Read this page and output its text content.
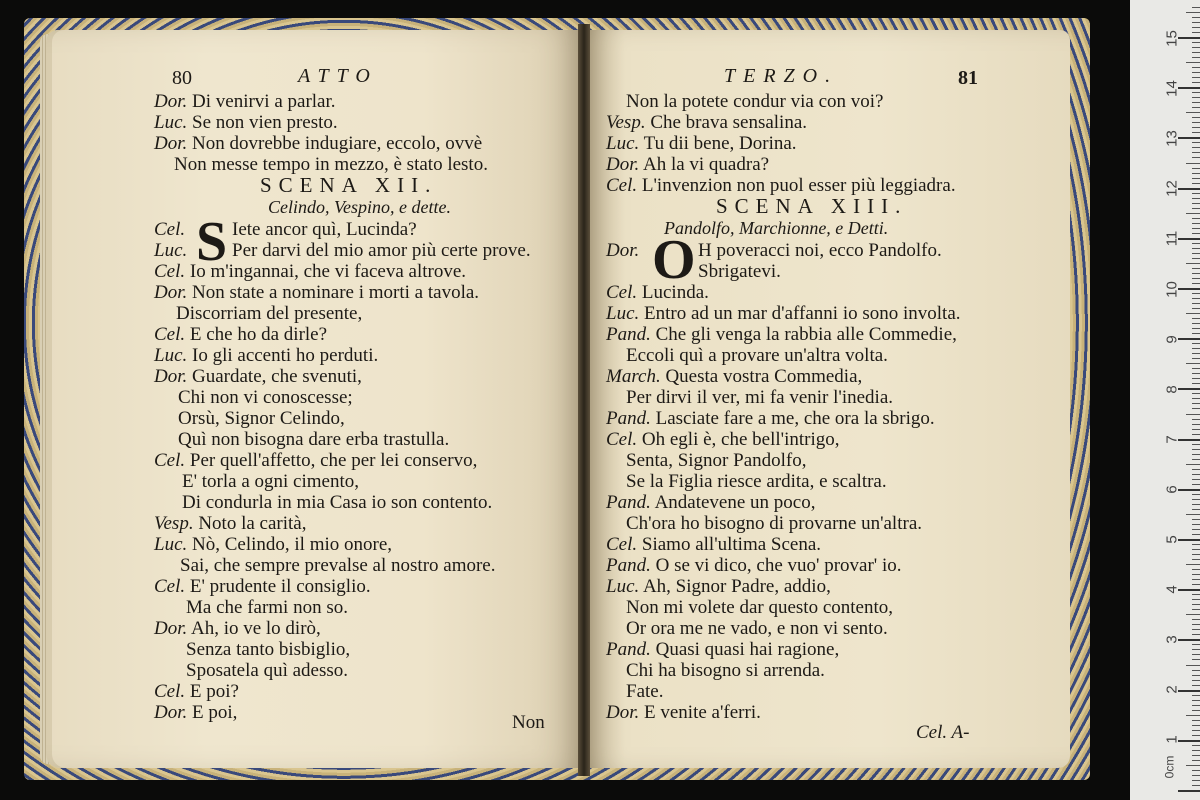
80	ATTO
Dor. Di venirvi a parlar.
Luc. Se non vien presto.
Dor. Non dovrebbe indugiare, eccolo, ovvè
Non messe tempo in mezzo, è stato lesto.
SCENA XII.
Celindo, Vespino, e dette.
S
Cel. Iete ancor quì, Lucinda?
Luc. Per darvi del mio amor più certe prove.
Cel. Io m'ingannai, che vi faceva altrove.
Dor. Non state a nominare i morti a tavola.
Discorriam del presente,
Cel. E che ho da dirle?
Luc. Io gli accenti ho perduti.
Dor. Guardate, che svenuti,
Chi non vi conoscesse;
Orsù, Signor Celindo,
Quì non bisogna dare erba trastulla.
Cel. Per quell'affetto, che per lei conservo,
E' torla a ogni cimento,
Di condurla in mia Casa io son contento.
Vesp. Noto la carità,
Luc. Nò, Celindo, il mio onore,
Sai, che sempre prevalse al nostro amore.
Cel. E' prudente il consiglio.
Ma che farmi non so.
Dor. Ah, io ve lo dirò,
Senza tanto bisbiglio,
Sposatela quì adesso.
Cel. E poi?
Dor. E poi,	Non
TERZO.	81
Non la potete condur via con voi?
Vesp. Che brava sensalina.
Luc. Tu dii bene, Dorina.
Dor. Ah la vi quadra?
Cel. L'invenzion non puol esser più leggiadra.
SCENA XIII.
Pandolfo, Marchionne, e Detti.
Dor. O H poveracci noi, ecco Pandolfo.
Sbrigatevi.
Cel. Lucinda.
Luc. Entro ad un mar d'affanni io sono involta.
Pand. Che gli venga la rabbia alle Commedie,
Eccoli quì a provare un'altra volta.
March. Questa vostra Commedia,
Per dirvi il ver, mi fa venir l'inedia.
Pand. Lasciate fare a me, che ora la sbrigo.
Cel. Oh egli è, che bell'intrigo,
Senta, Signor Pandolfo,
Se la Figlia riesce ardita, e scaltra.
Pand. Andatevene un poco,
Ch'ora ho bisogno di provarne un'altra.
Cel. Siamo all'ultima Scena.
Pand. O se vi dico, che vuo' provar' io.
Luc. Ah, Signor Padre, addio,
Non mi volete dar questo contento,
Or ora me ne vado, e non vi sento.
Pand. Quasi quasi hai ragione,
Chi ha bisogno si arrenda.
Fate.
Dor. E venite a'ferri.
Cel. A-
15
14
13
12
11
10
9
8
7
6
5
4
3
2
1
0cm
